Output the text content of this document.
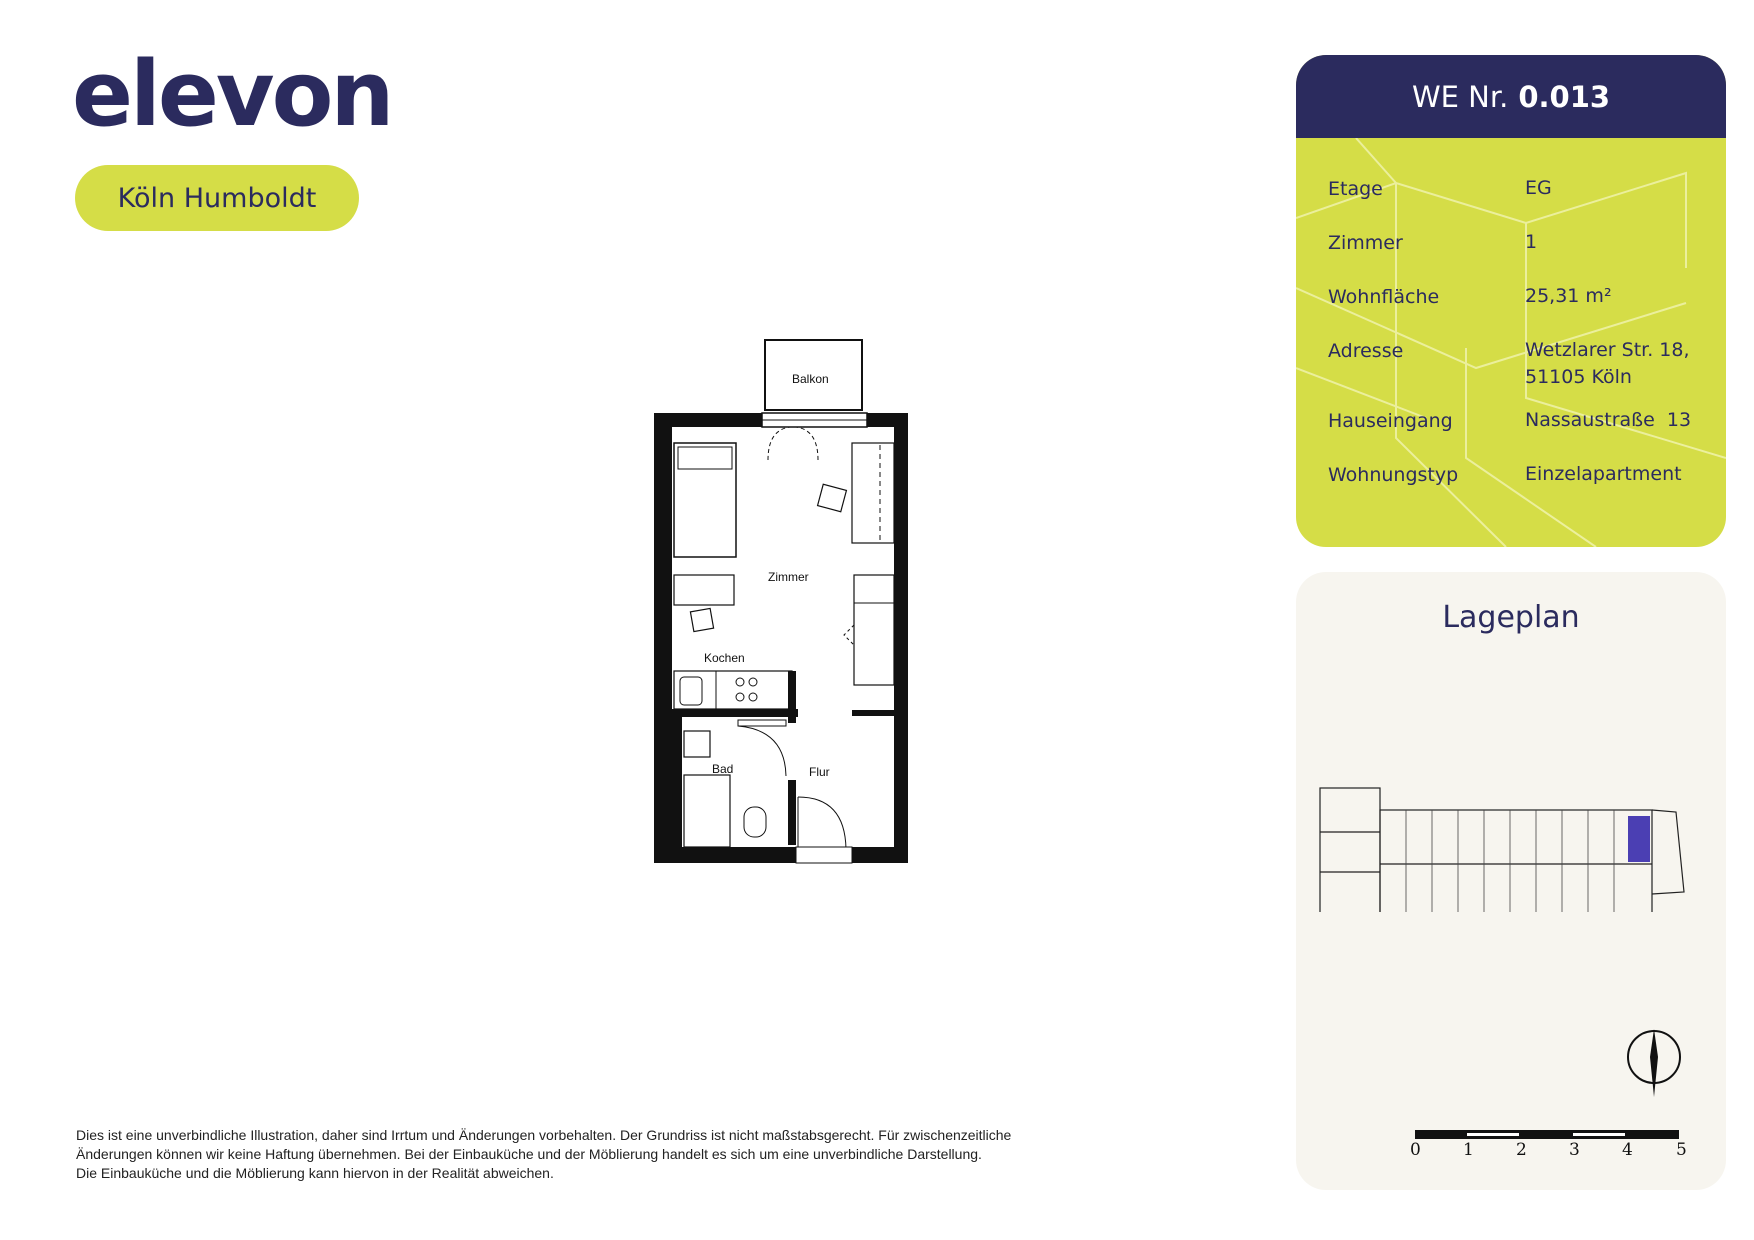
elevon
Köln Humboldt
Balkon
Zimmer
Kochen
Bad	Flur
WE Nr. 0.013
Etage	EG
Zimmer	1
Wohnfläche	25,31 m²
Adresse	Wetzlarer Str. 18,
51105 Köln
Hauseingang	Nassaustraße  13
Wohnungstyp	Einzelapartment
Lageplan
0 1 2 3 4	5
Dies ist eine unverbindliche Illustration, daher sind Irrtum und Änderungen vorbehalten. Der Grundriss ist nicht maßstabsgerecht. Für zwischenzeitliche
Änderungen können wir keine Haftung übernehmen. Bei der Einbauküche und der Möblierung handelt es sich um eine unverbindliche Darstellung.
Die Einbauküche und die Möblierung kann hiervon in der Realität abweichen.
